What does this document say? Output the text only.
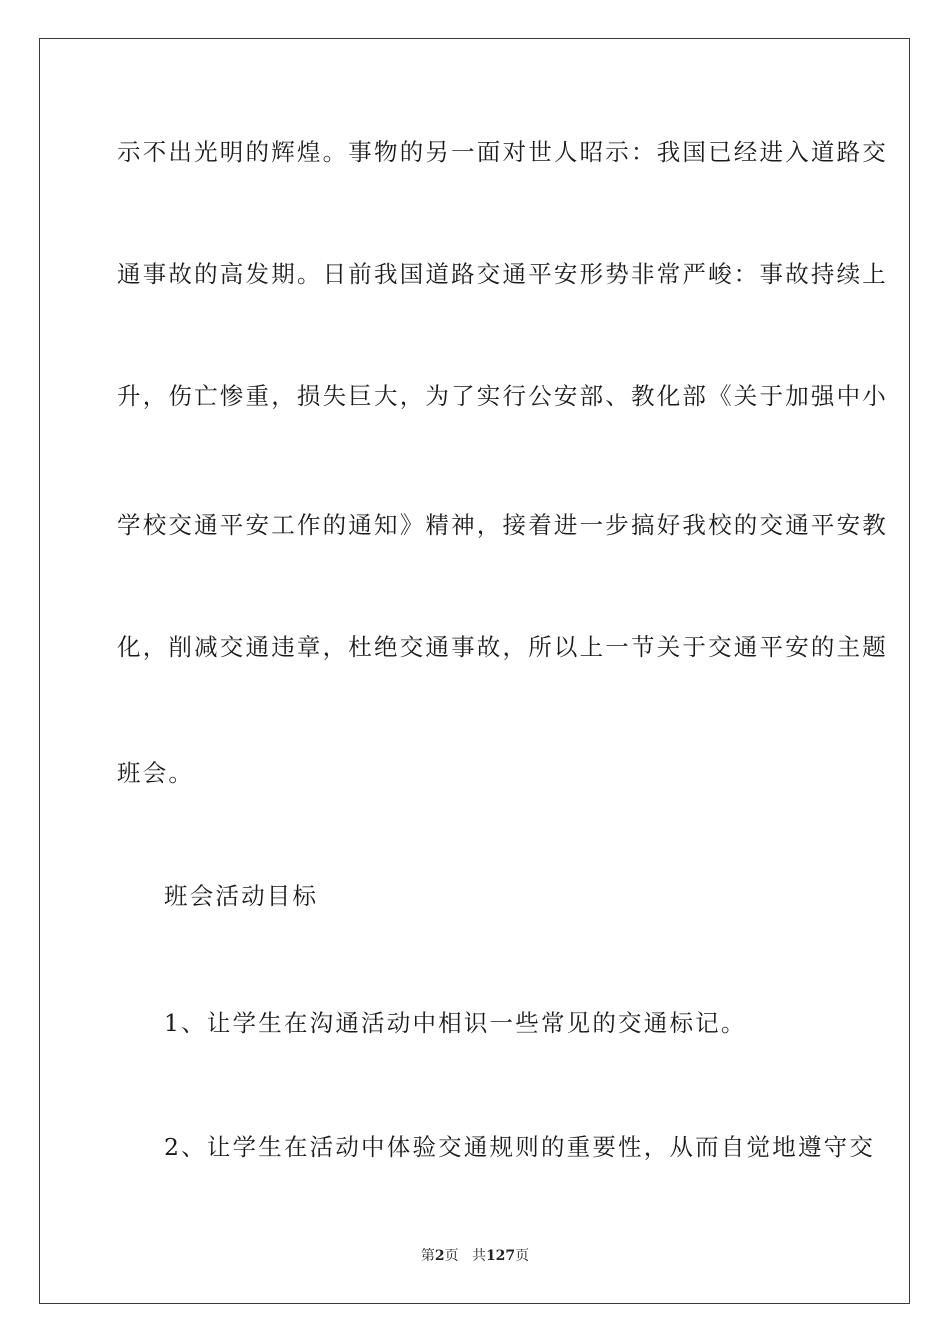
示不出光明的辉煌。事物的另一面对世人昭示：我国已经进入道路交
通事故的高发期。日前我国道路交通平安形势非常严峻：事故持续上
升，伤亡惨重，损失巨大，为了实行公安部、教化部《关于加强中小
学校交通平安工作的通知》精神，接着进一步搞好我校的交通平安教
化，削减交通违章，杜绝交通事故，所以上一节关于交通平安的主题
班会。
班会活动目标
1、让学生在沟通活动中相识一些常见的交通标记。
2、让学生在活动中体验交通规则的重要性，从而自觉地遵守交
第2页 共127页
